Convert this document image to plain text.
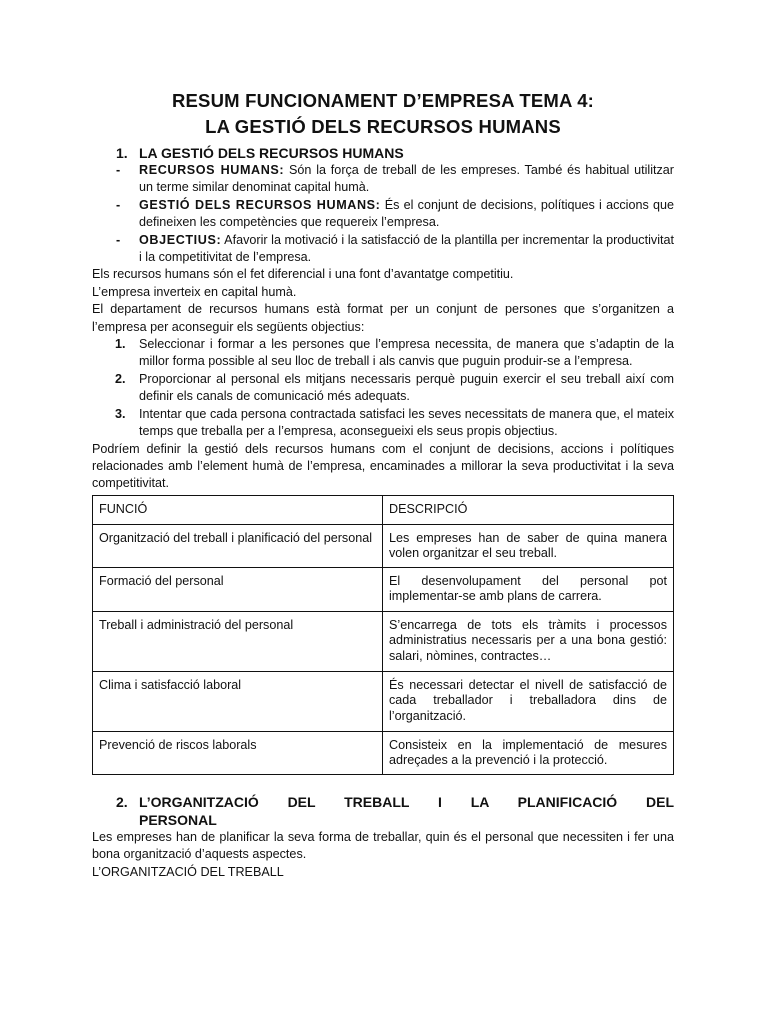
RESUM FUNCIONAMENT D’EMPRESA TEMA 4:
LA GESTIÓ DELS RECURSOS HUMANS
1. LA GESTIÓ DELS RECURSOS HUMANS
- RECURSOS HUMANS: Són la força de treball de les empreses. També és habitual utilitzar un terme similar denominat capital humà.
- GESTIÓ DELS RECURSOS HUMANS: És el conjunt de decisions, polítiques i accions que defineixen les competències que requereix l’empresa.
- OBJECTIUS: Afavorir la motivació i la satisfacció de la plantilla per incrementar la productivitat i la competitivitat de l’empresa.
Els recursos humans són el fet diferencial i una font d’avantatge competitiu.
L’empresa inverteix en capital humà.
El departament de recursos humans està format per un conjunt de persones que s’organitzen a l’empresa per aconseguir els següents objectius:
1. Seleccionar i formar a les persones que l’empresa necessita, de manera que s’adaptin de la millor forma possible al seu lloc de treball i als canvis que puguin produir-se a l’empresa.
2. Proporcionar al personal els mitjans necessaris perquè puguin exercir el seu treball així com definir els canals de comunicació més adequats.
3. Intentar que cada persona contractada satisfaci les seves necessitats de manera que, el mateix temps que treballa per a l’empresa, aconsegueixi els seus propis objectius.
Podríem definir la gestió dels recursos humans com el conjunt de decisions, accions i polítiques relacionades amb l’element humà de l’empresa, encaminades a millorar la seva productivitat i la seva competitivitat.
FUNCIÓ	DESCRIPCIÓ
Organització del treball i planificació del personal	Les empreses han de saber de quina manera volen organitzar el seu treball.
Formació del personal	El desenvolupament del personal pot implementar-se amb plans de carrera.
Treball i administració del personal	S’encarrega de tots els tràmits i processos administratius necessaris per a una bona gestió: salari, nòmines, contractes…
Clima i satisfacció laboral	És necessari detectar el nivell de satisfacció de cada treballador i treballadora dins de l’organització.
Prevenció de riscos laborals	Consisteix en la implementació de mesures adreçades a la prevenció i la protecció.
2. L’ORGANITZACIÓ DEL TREBALL I LA PLANIFICACIÓ DEL
PERSONAL
Les empreses han de planificar la seva forma de treballar, quin és el personal que necessiten i fer una bona organització d’aquests aspectes.
L’ORGANITZACIÓ DEL TREBALL
